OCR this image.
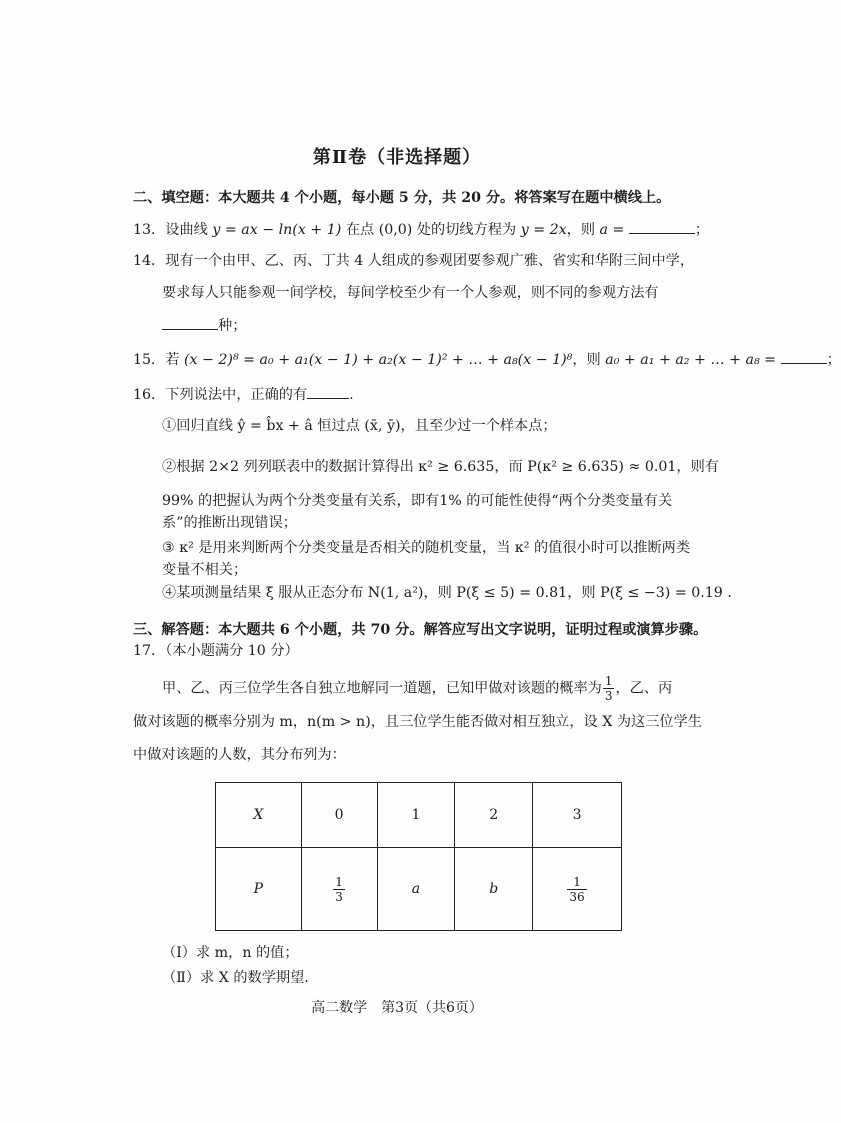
第Ⅱ卷（非选择题）
二、填空题：本大题共 4 个小题，每小题 5 分，共 20 分。将答案写在题中横线上。
13．设曲线 y = ax − ln(x + 1) 在点 (0,0) 处的切线方程为 y = 2x，则 a =	；
14．现有一个由甲、乙、丙、丁共 4 人组成的参观团要参观广雅、省实和华附三间中学，
要求每人只能参观一间学校，每间学校至少有一个人参观，则不同的参观方法有
种；
15．若 (x − 2)⁸ = a₀ + a₁(x − 1) + a₂(x − 1)² + … + a₈(x − 1)⁸，则 a₀ + a₁ + a₂ + … + a₈ =	；
16．下列说法中，正确的有	.
①回归直线 ŷ = b̂x + â 恒过点 (x̄, ȳ)，且至少过一个样本点；
②根据 2×2 列列联表中的数据计算得出 κ² ≥ 6.635，而 P(κ² ≥ 6.635) ≈ 0.01，则有
99% 的把握认为两个分类变量有关系，即有1% 的可能性使得“两个分类变量有关
系”的推断出现错误；
③ κ² 是用来判断两个分类变量是否相关的随机变量，当 κ² 的值很小时可以推断两类
变量不相关；
④某项测量结果 ξ 服从正态分布 N(1, a²)，则 P(ξ ≤ 5) = 0.81，则 P(ξ ≤ −3) = 0.19 .
三、解答题：本大题共 6 个小题，共 70 分。解答应写出文字说明，证明过程或演算步骤。
17．（本小题满分 10 分）
甲、乙、丙三位学生各自独立地解同一道题，已知甲做对该题的概率为 $\frac{1}{3}$ ，乙、丙
做对该题的概率分别为 m，n(m > n)，且三位学生能否做对相互独立，设 X 为这三位学生
中做对该题的人数，其分布列为：
X	0	1	2	3
P	$\frac{1}{3}$	a	b	$\frac{1}{36}$
（Ⅰ）求 m，n 的值；
（Ⅱ）求 X 的数学期望.
高二数学　第3页（共6页）
